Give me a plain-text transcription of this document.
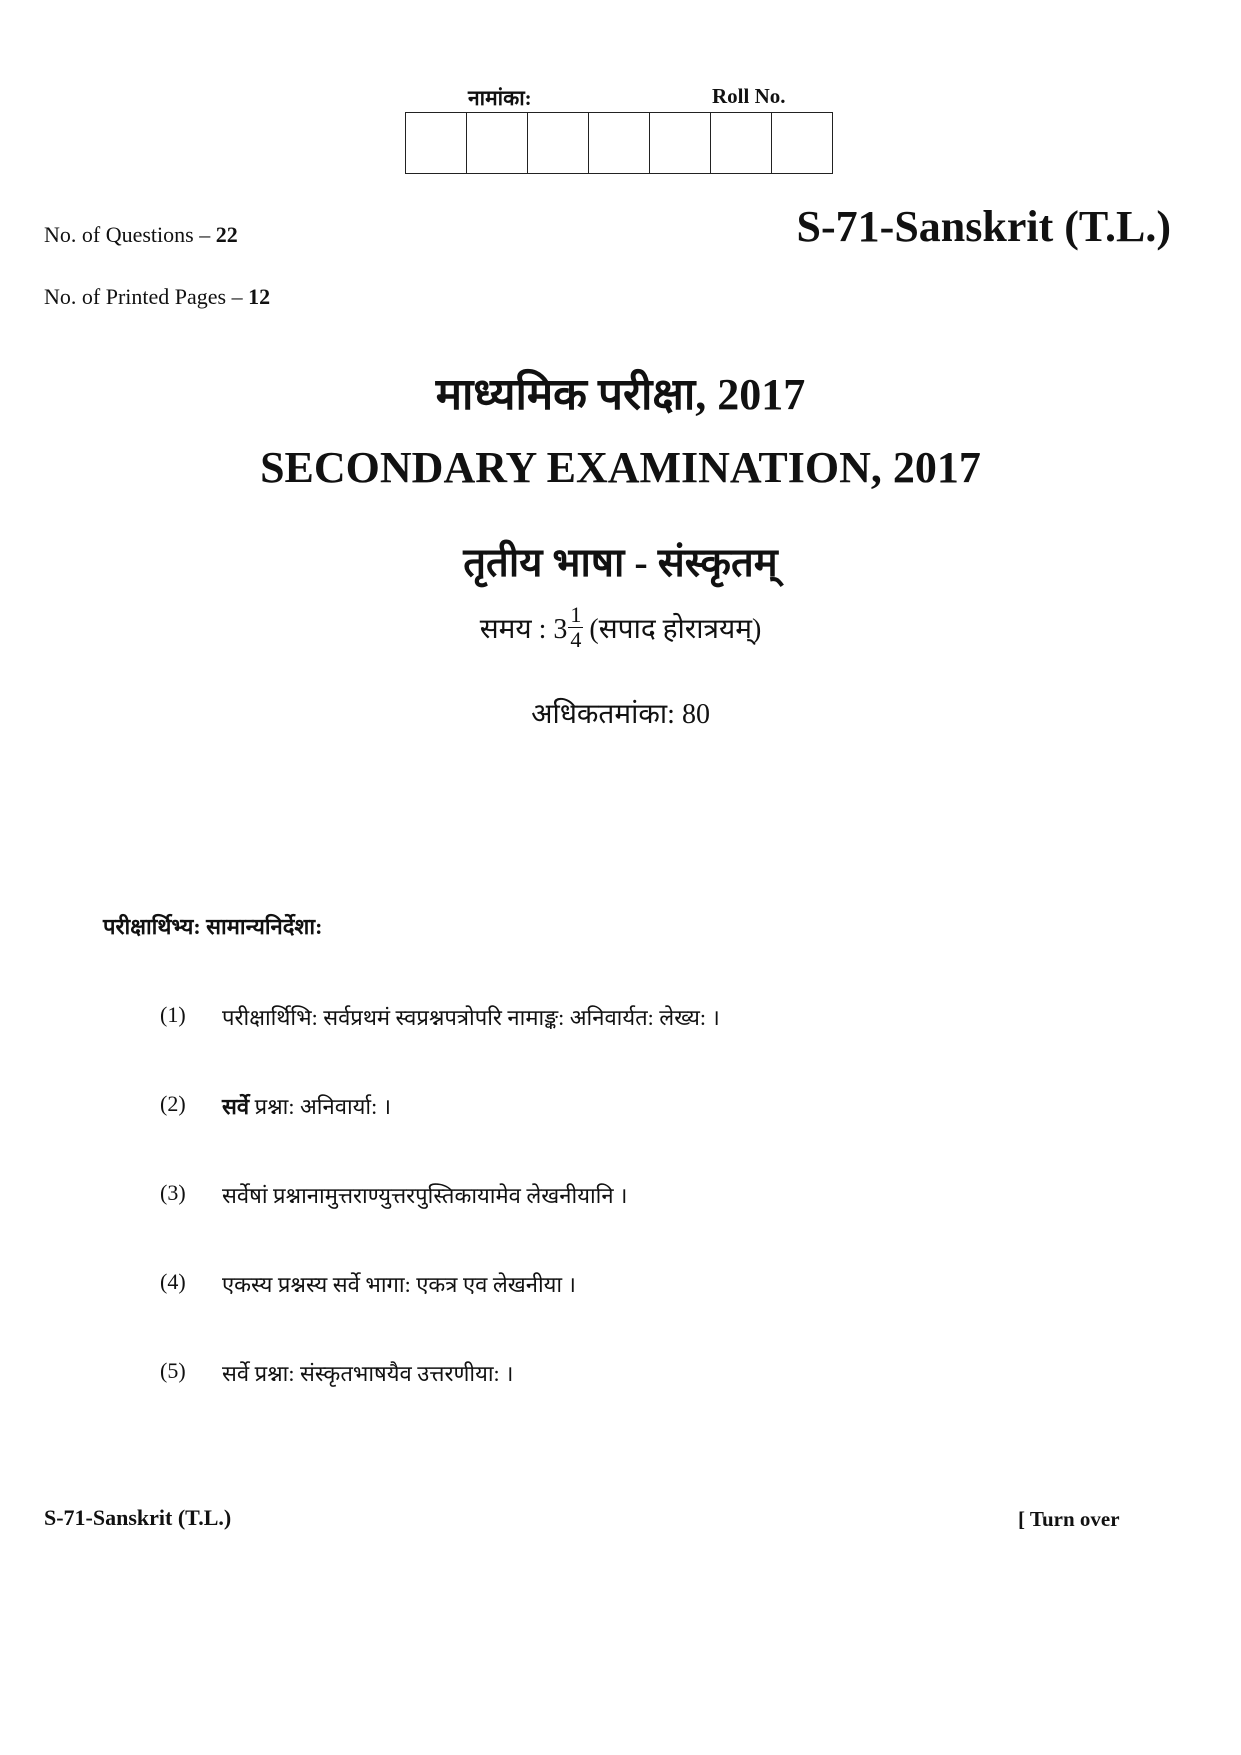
नामांका:	Roll No.
No. of Questions – 22	S-71-Sanskrit (T.L.)
No. of Printed Pages – 12
माध्यमिक परीक्षा, 2017
SECONDARY EXAMINATION, 2017
तृतीय भाषा - संस्कृतम्
समय : $3 \frac{1}{4}$ (सपाद होरात्रयम्)
अधिकतमांका: 80
परीक्षार्थिभ्य: सामान्यनिर्देशा:
(1)	परीक्षार्थिभि: सर्वप्रथमं स्वप्रश्नपत्रोपरि नामाङ्क: अनिवार्यत: लेख्य: ।
(2)	सर्वे प्रश्ना: अनिवार्या: ।
(3)	सर्वेषां प्रश्नानामुत्तराण्युत्तरपुस्तिकायामेव लेखनीयानि ।
(4)	एकस्य प्रश्नस्य सर्वे भागा: एकत्र एव लेखनीया ।
(5)	सर्वे प्रश्ना: संस्कृतभाषयैव उत्तरणीया: ।
S-71-Sanskrit (T.L.)	[ Turn over
